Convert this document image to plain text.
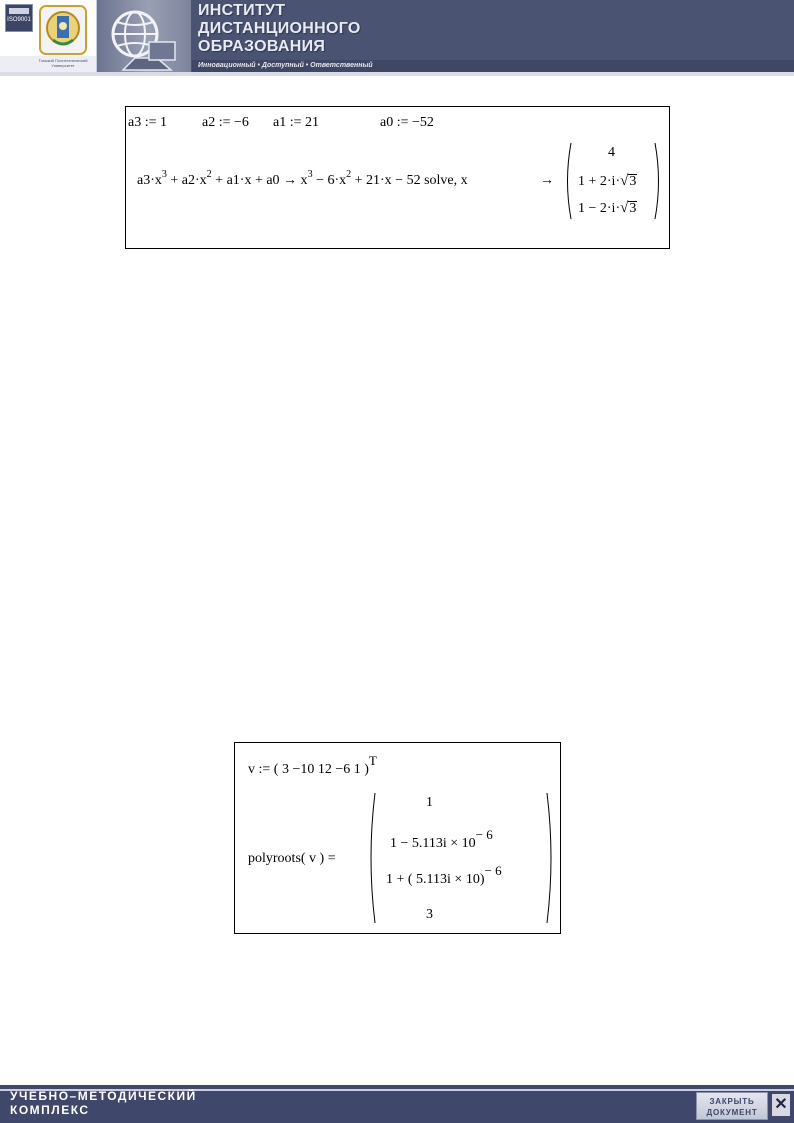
ISO9001
Томский Политехнический Университет
ИНСТИТУТ
ДИСТАНЦИОННОГО
ОБРАЗОВАНИЯ
Инновационный • Доступный • Ответственный
a3 := 1	a2 := −6 a1 := 21	a0 := −52
$a3\cdot x^3 + a2\cdot x^2 + a1\cdot x + a0 \to x^3 - 6\cdot x^2 + 21\cdot x - 52$ solve, x	→
4
1 + 2·i·√3
1 − 2·i·√3
v := ( 3 −10 12 −6 1 )T
polyroots( v ) =
1
1 − 5.113i × 10− 6
1 + ( 5.113i × 10)− 6
3
УЧЕБНО–МЕТОДИЧЕСКИЙ
КОМПЛЕКС
ЗАКРЫТЬ
ДОКУМЕНТ	✕
